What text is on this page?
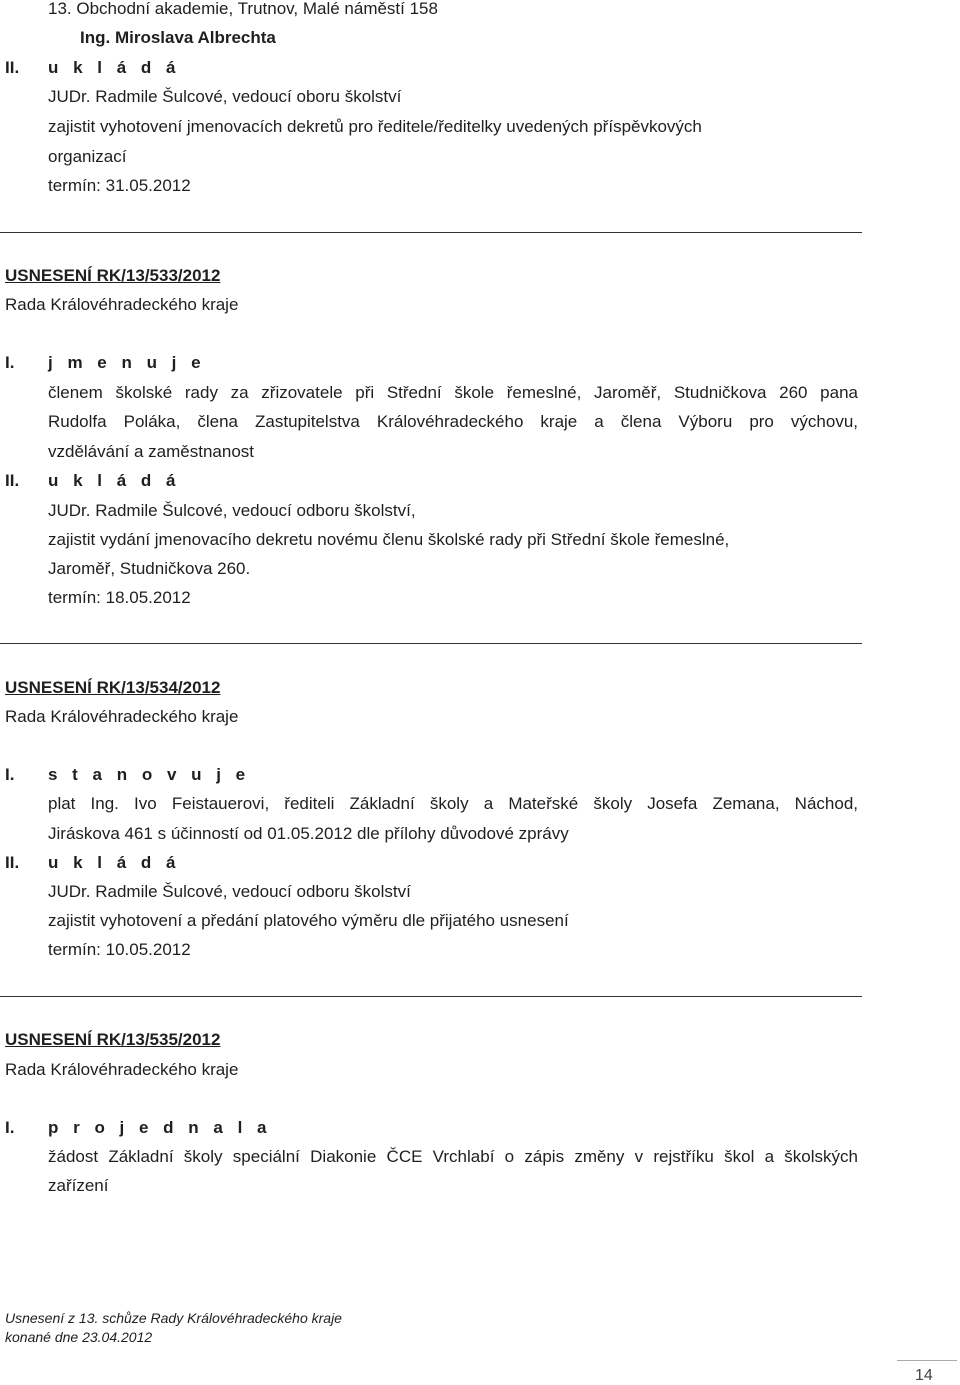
13. Obchodní akademie, Trutnov, Malé náměstí 158
Ing. Miroslava Albrechta
II. u k l á d á
JUDr. Radmile Šulcové, vedoucí oboru školství
zajistit vyhotovení jmenovacích dekretů pro ředitele/ředitelky uvedených příspěvkových
organizací
termín: 31.05.2012
USNESENÍ RK/13/533/2012
Rada Královéhradeckého kraje
I. j m e n u j e
členem školské rady za zřizovatele při Střední škole řemeslné, Jaroměř, Studničkova 260 pana
Rudolfa Poláka, člena Zastupitelstva Královéhradeckého kraje a člena Výboru pro výchovu,
vzdělávání a zaměstnanost
II. u k l á d á
JUDr. Radmile Šulcové, vedoucí odboru školství,
zajistit vydání jmenovacího dekretu novému členu školské rady při Střední škole řemeslné,
Jaroměř, Studničkova 260.
termín: 18.05.2012
USNESENÍ RK/13/534/2012
Rada Královéhradeckého kraje
I. s t a n o v u j e
plat Ing. Ivo Feistauerovi, řediteli Základní školy a Mateřské školy Josefa Zemana, Náchod,
Jiráskova 461 s účinností od 01.05.2012 dle přílohy důvodové zprávy
II. u k l á d á
JUDr. Radmile Šulcové, vedoucí odboru školství
zajistit vyhotovení a předání platového výměru dle přijatého usnesení
termín: 10.05.2012
USNESENÍ RK/13/535/2012
Rada Královéhradeckého kraje
I. p r o j e d n a l a
žádost Základní školy speciální Diakonie ČCE Vrchlabí o zápis změny v rejstříku škol a školských
zařízení
Usnesení z 13. schůze Rady Královéhradeckého kraje
konané dne 23.04.2012
14
